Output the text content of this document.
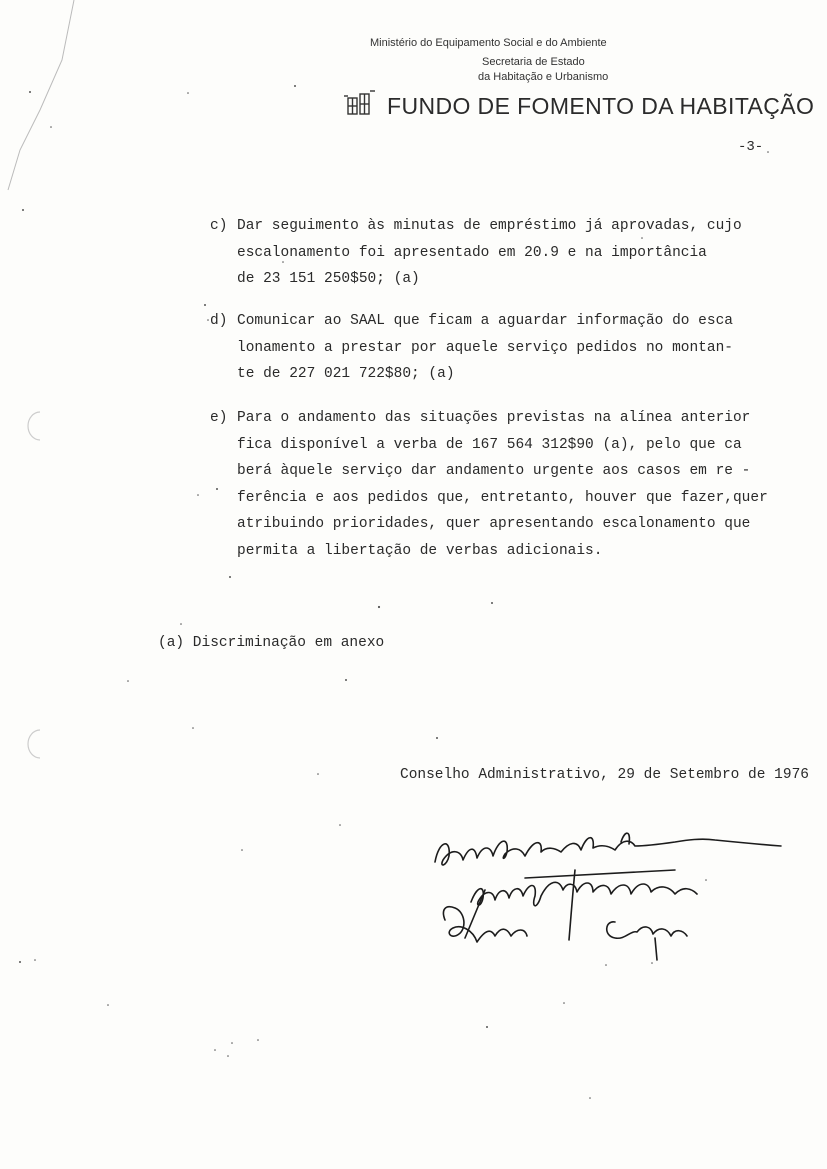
Ministério do Equipamento Social e do Ambiente
Secretaria de Estado
da Habitação e Urbanismo
FUNDO DE FOMENTO DA HABITAÇÃO
-3-
c) Dar seguimento às minutas de empréstimo já aprovadas, cujo
escalonamento foi apresentado em 20.9 e na importância
de 23 151 250$50; (a)
d) Comunicar ao SAAL que ficam a aguardar informação do esca
lonamento a prestar por aquele serviço pedidos no montan-
te de 227 021 722$80; (a)
e) Para o andamento das situações previstas na alínea anterior
fica disponível a verba de 167 564 312$90 (a), pelo que ca
berá àquele serviço dar andamento urgente aos casos em re -
ferência e aos pedidos que, entretanto, houver que fazer,quer
atribuindo prioridades, quer apresentando escalonamento que
permita a libertação de verbas adicionais.
(a) Discriminação em anexo
Conselho Administrativo, 29 de Setembro de 1976
